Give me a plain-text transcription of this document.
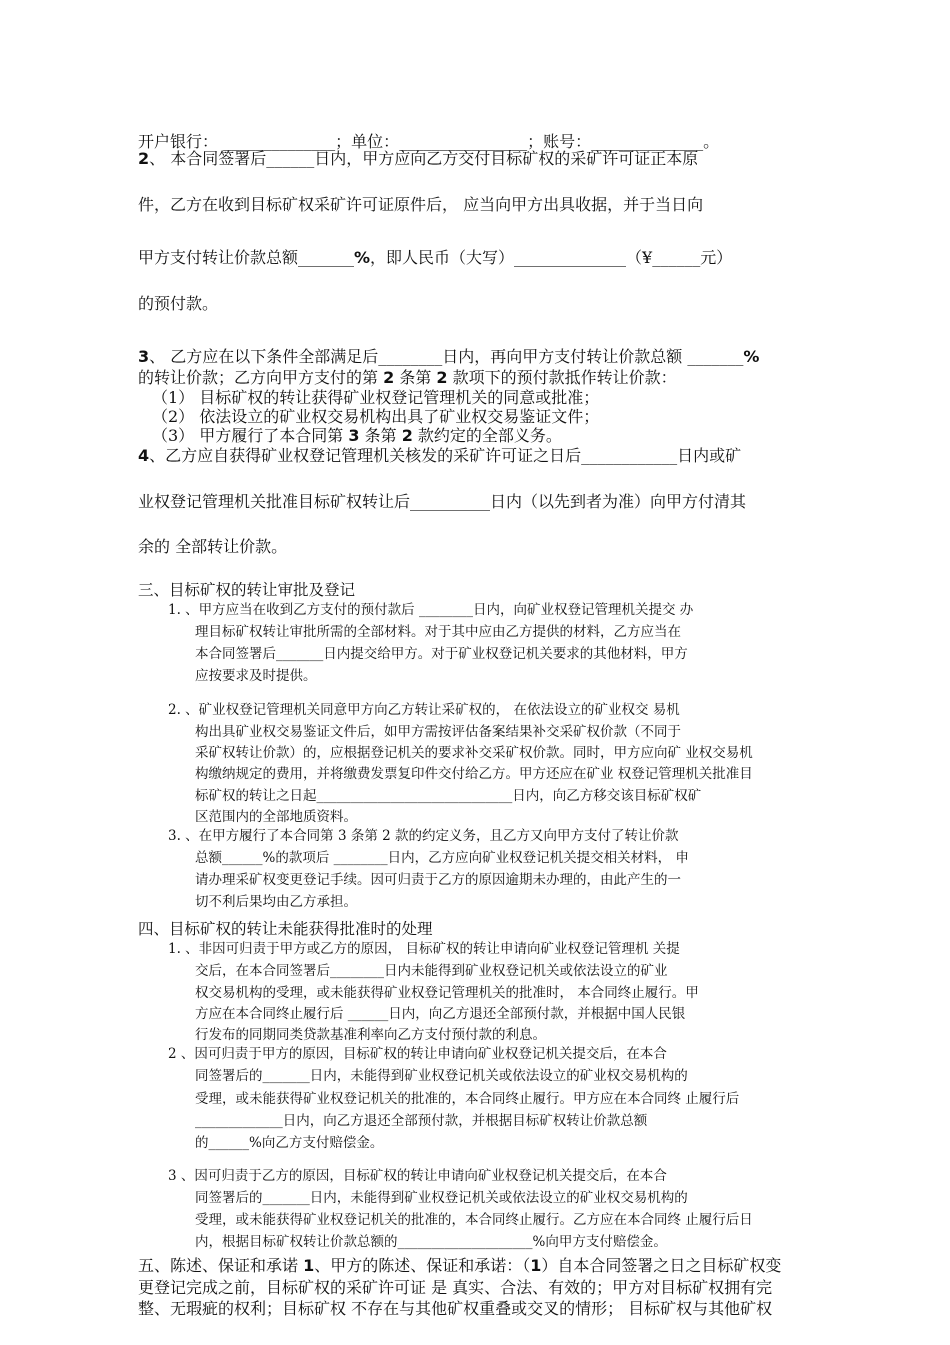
开户银行： ______________；单位：________________；账号：______________。

2、 本合同签署后______日内，甲方应向乙方交付目标矿权的采矿许可证正本原

件，乙方在收到目标矿权采矿许可证原件后， 应当向甲方出具收据，并于当日向

甲方支付转让价款总额_______%，即人民币（大写）______________（¥______元）

的预付款。

3、 乙方应在以下条件全部满足后________日内，再向甲方支付转让价款总额 _______%

的转让价款；乙方向甲方支付的第 2 条第 2 款项下的预付款抵作转让价款：

（1） 目标矿权的转让获得矿业权登记管理机关的同意或批准；

（2） 依法设立的矿业权交易机构出具了矿业权交易鉴证文件；

（3） 甲方履行了本合同第 3 条第 2 款约定的全部义务。

4、乙方应自获得矿业权登记管理机关核发的采矿许可证之日后____________日内或矿

业权登记管理机关批准目标矿权转让后__________日内（以先到者为准）向甲方付清其

余的 全部转让价款。

三、目标矿权的转让审批及登记

1. 、甲方应当在收到乙方支付的预付款后 ________日内，向矿业权登记管理机关提交 办

理目标矿权转让审批所需的全部材料。对于其中应由乙方提供的材料，乙方应当在

本合同签署后_______日内提交给甲方。对于矿业权登记机关要求的其他材料，甲方

应按要求及时提供。

2. 、矿业权登记管理机关同意甲方向乙方转让采矿权的， 在依法设立的矿业权交 易机

构出具矿业权交易鉴证文件后，如甲方需按评估备案结果补交采矿权价款（不同于

采矿权转让价款）的，应根据登记机关的要求补交采矿权价款。同时，甲方应向矿 业权交易机

构缴纳规定的费用，并将缴费发票复印件交付给乙方。甲方还应在矿业 权登记管理机关批准目

标矿权的转让之日起_____________________________日内，向乙方移交该目标矿权矿

区范围内的全部地质资料。

3. 、在甲方履行了本合同第 3 条第 2 款的约定义务，且乙方又向甲方支付了转让价款

总额______%的款项后 ________日内，乙方应向矿业权登记机关提交相关材料， 申

请办理采矿权变更登记手续。因可归责于乙方的原因逾期未办理的，由此产生的一

切不利后果均由乙方承担。

四、目标矿权的转让未能获得批准时的处理

1. 、非因可归责于甲方或乙方的原因， 目标矿权的转让申请向矿业权登记管理机 关提

交后，在本合同签署后________日内未能得到矿业权登记机关或依法设立的矿业

权交易机构的受理，或未能获得矿业权登记管理机关的批准时， 本合同终止履行。甲

方应在本合同终止履行后 ______日内，向乙方退还全部预付款，并根据中国人民银

行发布的同期同类贷款基准利率向乙方支付预付款的利息。

2 、因可归责于甲方的原因，目标矿权的转让申请向矿业权登记机关提交后，在本合

同签署后的_______日内，未能得到矿业权登记机关或依法设立的矿业权交易机构的

受理，或未能获得矿业权登记机关的批准的，本合同终止履行。甲方应在本合同终 止履行后

_____________日内，向乙方退还全部预付款，并根据目标矿权转让价款总额

的______%向乙方支付赔偿金。

3 、因可归责于乙方的原因，目标矿权的转让申请向矿业权登记机关提交后，在本合

同签署后的_______日内，未能得到矿业权登记机关或依法设立的矿业权交易机构的

受理，或未能获得矿业权登记机关的批准的，本合同终止履行。乙方应在本合同终 止履行后日

内，根据目标矿权转让价款总额的____________________%向甲方支付赔偿金。

五、陈述、保证和承诺 1、甲方的陈述、保证和承诺：（1）自本合同签署之日之目标矿权变

更登记完成之前，目标矿权的采矿许可证 是 真实、合法、有效的；甲方对目标矿权拥有完

整、无瑕疵的权利；目标矿权 不存在与其他矿权重叠或交叉的情形； 目标矿权与其他矿权
